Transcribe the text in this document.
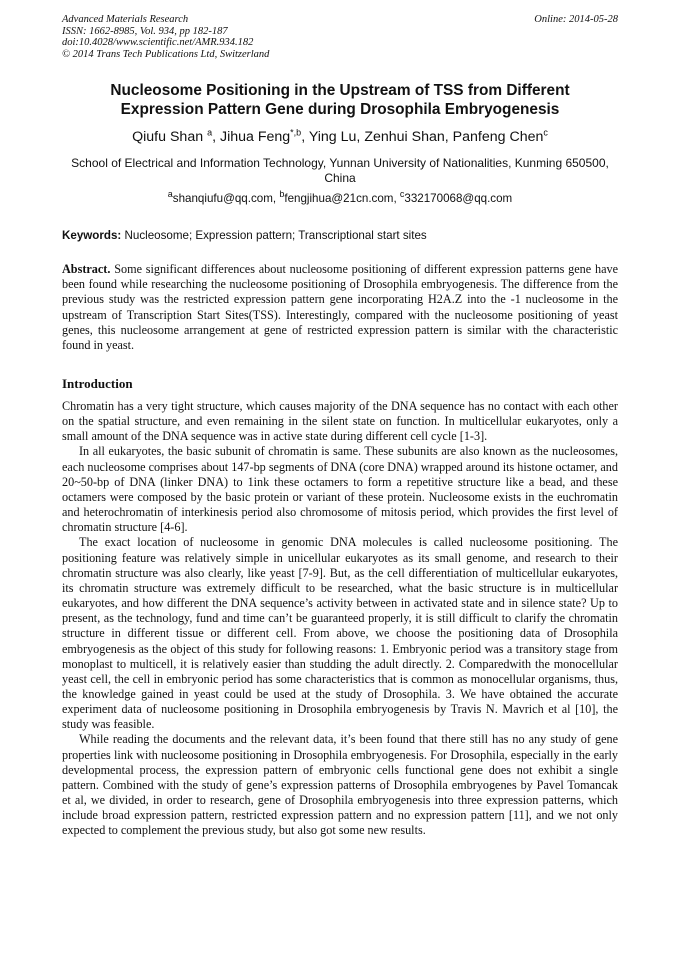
Advanced Materials Research
ISSN: 1662-8985, Vol. 934, pp 182-187
doi:10.4028/www.scientific.net/AMR.934.182
© 2014 Trans Tech Publications Ltd, Switzerland
Online: 2014-05-28
Nucleosome Positioning in the Upstream of TSS from Different
Expression Pattern Gene during Drosophila Embryogenesis
Qiufu Shan $^a$, Jihua Feng$^{*,b}$, Ying Lu, Zenhui Shan, Panfeng Chen$^c$
School of Electrical and Information Technology, Yunnan University of Nationalities, Kunming 650500, China
$^a$shanqiufu@qq.com, $^b$fengjihua@21cn.com, $^c$332170068@qq.com
Keywords: Nucleosome; Expression pattern; Transcriptional start sites
Abstract. Some significant differences about nucleosome positioning of different expression patterns gene have been found while researching the nucleosome positioning of Drosophila embryogenesis. The difference from the previous study was the restricted expression pattern gene incorporating H2A.Z into the -1 nucleosome in the upstream of Transcription Start Sites(TSS). Interestingly, compared with the nucleosome positioning of yeast genes, this nucleosome arrangement at gene of restricted expression pattern is similar with the characteristic found in yeast.
Introduction

Chromatin has a very tight structure, which causes majority of the DNA sequence has no contact with each other on the spatial structure, and even remaining in the silent state on function. In multicellular eukaryotes, only a small amount of the DNA sequence was in active state during different cell cycle [1-3].

In all eukaryotes, the basic subunit of chromatin is same. These subunits are also known as the nucleosomes, each nucleosome comprises about 147-bp segments of DNA (core DNA) wrapped around its histone octamer, and 20~50-bp of DNA (linker DNA) to 1ink these octamers to form a repetitive structure like a bead, and these octamers were composed by the basic protein or variant of these protein. Nucleosome exists in the euchromatin and heterochromatin of interkinesis period also chromosome of mitosis period, which provides the first level of chromatin structure [4-6].

The exact location of nucleosome in genomic DNA molecules is called nucleosome positioning. The positioning feature was relatively simple in unicellular eukaryotes as its small genome, and research to their chromatin structure was also clearly, like yeast [7-9]. But, as the cell differentiation of multicellular eukaryotes, its chromatin structure was extremely difficult to be researched, what the basic structure is in multicellular eukaryotes, and how different the DNA sequence’s activity between in activated state and in silence state? Up to present, as the technology, fund and time can’t be guaranteed properly, it is still difficult to clarify the chromatin structure in different tissue or different cell. From above, we choose the positioning data of Drosophila embryogenesis as the object of this study for following reasons: 1. Embryonic period was a transitory stage from monoplast to multicell, it is relatively easier than studding the adult directly. 2. Comparedwith the monocellular yeast cell, the cell in embryonic period has some characteristics that is common as monocellular organisms, thus, the knowledge gained in yeast could be used at the study of Drosophila. 3. We have obtained the accurate experiment data of nucleosome positioning in Drosophila embryogenesis by Travis N. Mavrich et al [10], the study was feasible.

While reading the documents and the relevant data, it’s been found that there still has no any study of gene properties link with nucleosome positioning in Drosophila embryogenesis. For Drosophila, especially in the early developmental process, the expression pattern of embryonic cells functional gene does not exhibit a single pattern. Combined with the study of gene’s expression patterns of Drosophila embryogenes by Pavel Tomancak et al, we divided, in order to research, gene of Drosophila embryogenesis into three expression patterns, which include broad expression pattern, restricted expression pattern and no expression pattern [11], and we not only expected to complement the previous study, but also got some new results.
